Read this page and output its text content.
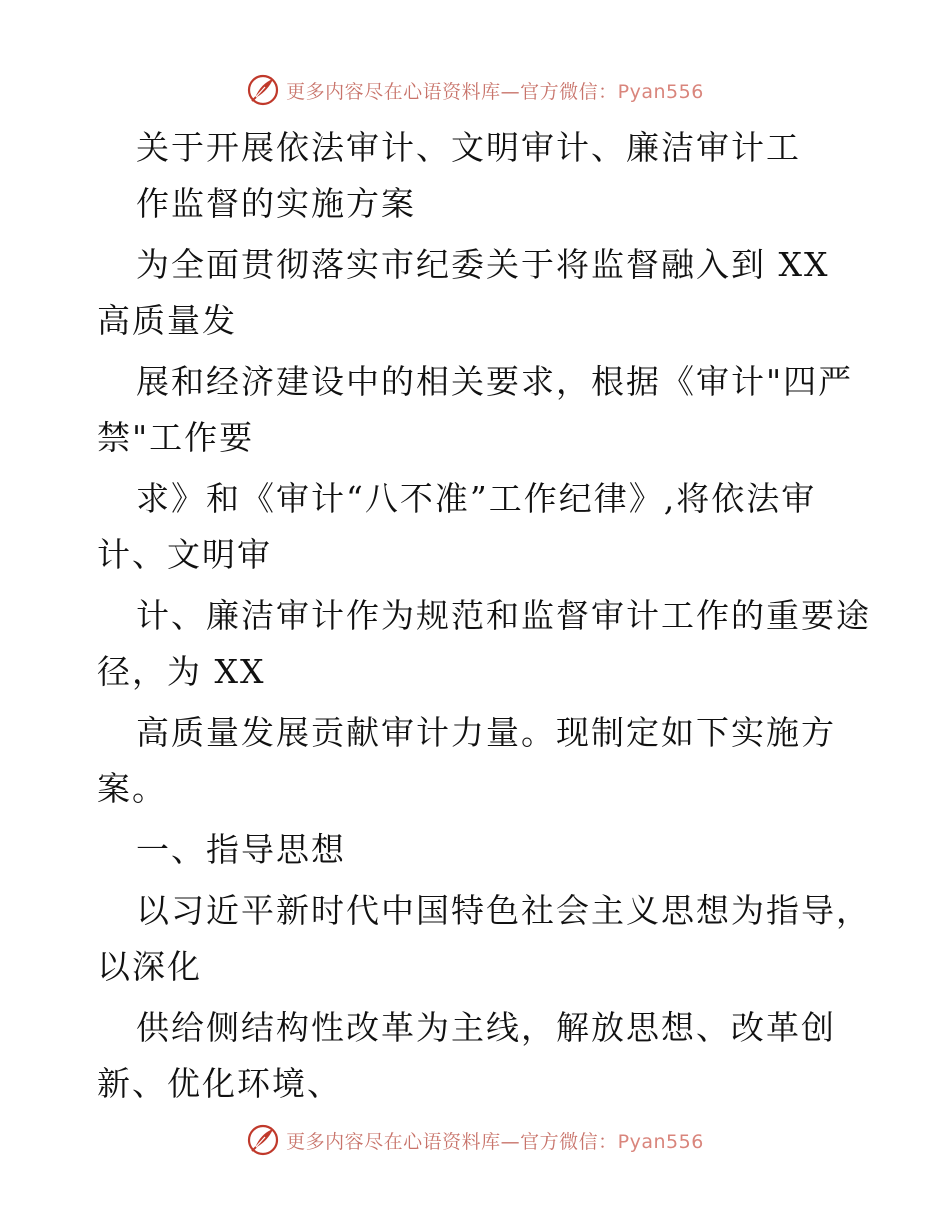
更多内容尽在心语资料库—官方微信：Pyan556
关于开展依法审计、文明审计、廉洁审计工
作监督的实施方案
为全面贯彻落实市纪委关于将监督融入到 XX
高质量发
展和经济建设中的相关要求，根据《审计"四严
禁"工作要
求》和《审计“八不准”工作纪律》,将依法审
计、文明审
计、廉洁审计作为规范和监督审计工作的重要途
径，为 XX
高质量发展贡献审计力量。现制定如下实施方
案。
一、指导思想
以习近平新时代中国特色社会主义思想为指导，
以深化
供给侧结构性改革为主线，解放思想、改革创
新、优化环境、
更多内容尽在心语资料库—官方微信：Pyan556
